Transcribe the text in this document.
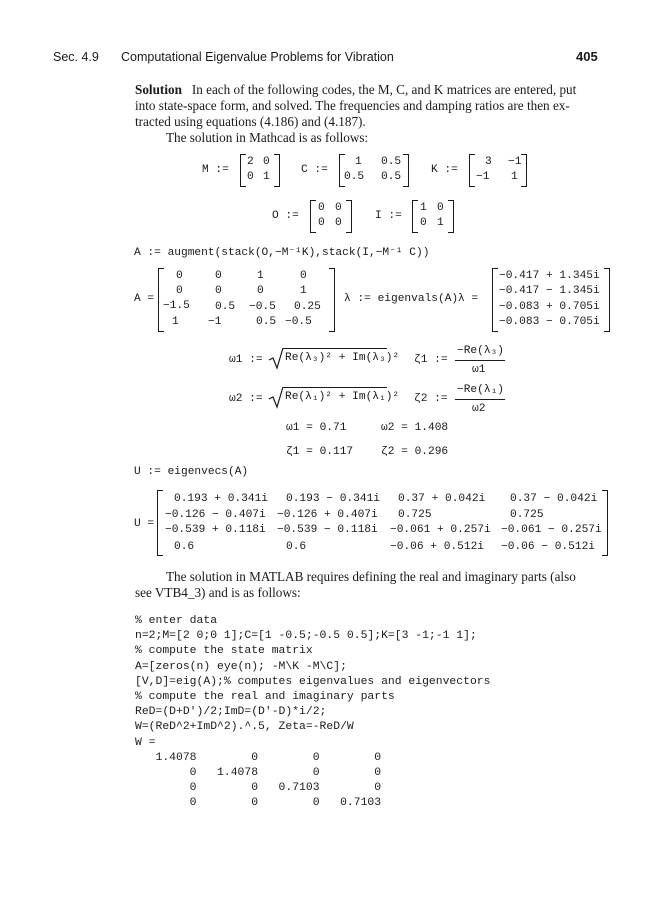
Sec. 4.9 Computational Eigenvalue Problems for Vibration	405
Solution In each of the following codes, the M, C, and K matrices are entered, put
into state-space form, and solved. The frequencies and damping ratios are then ex-
tracted using equations (4.186) and (4.187).
The solution in Mathcad is as follows:
M :=
2 0
0 1
C :=
1 0.5
0.5 0.5
K :=
3 −1
−1 1
O :=
0 0
0 0
I :=
1 0
0 1
A := augment(stack(O,−M⁻¹K),stack(I,−M⁻¹ C))
A =
0	0	1	0
0	0	0	1
−1.5 0.5 −0.5 0.25
1	−1	0.5 −0.5
λ := eigenvals(A) λ =
−0.417 + 1.345i
−0.417 − 1.345i
−0.083 + 0.705i
−0.083 − 0.705i
ω1 := Re(λ₃)² + Im(λ₃)² ζ1 :=
−Re(λ₃)
ω1
ω2 := Re(λ₁)² + Im(λ₁)² ζ2 :=
−Re(λ₁)
ω2
ω1 = 0.71	ω2 = 1.408
ζ1 = 0.117 ζ2 = 0.296
U := eigenvecs(A)
U =
0.193 + 0.341i 0.193 − 0.341i 0.37 + 0.042i 0.37 − 0.042i
−0.126 − 0.407i −0.126 + 0.407i 0.725	0.725
−0.539 + 0.118i −0.539 − 0.118i −0.061 + 0.257i −0.061 − 0.257i
0.6	0.6	−0.06 + 0.512i −0.06 − 0.512i
The solution in MATLAB requires defining the real and imaginary parts (also
see VTB4_3) and is as follows:
% enter data
n=2;M=[2 0;0 1];C=[1 -0.5;-0.5 0.5];K=[3 -1;-1 1];
% compute the state matrix
A=[zeros(n) eye(n); -M\K -M\C];
[V,D]=eig(A);% computes eigenvalues and eigenvectors
% compute the real and imaginary parts
ReD=(D+D')/2;ImD=(D'-D)*i/2;
W=(ReD^2+ImD^2).^.5, Zeta=-ReD/W
W =
1.4078        0        0        0
0   1.4078        0        0
0        0   0.7103        0
0        0        0   0.7103
